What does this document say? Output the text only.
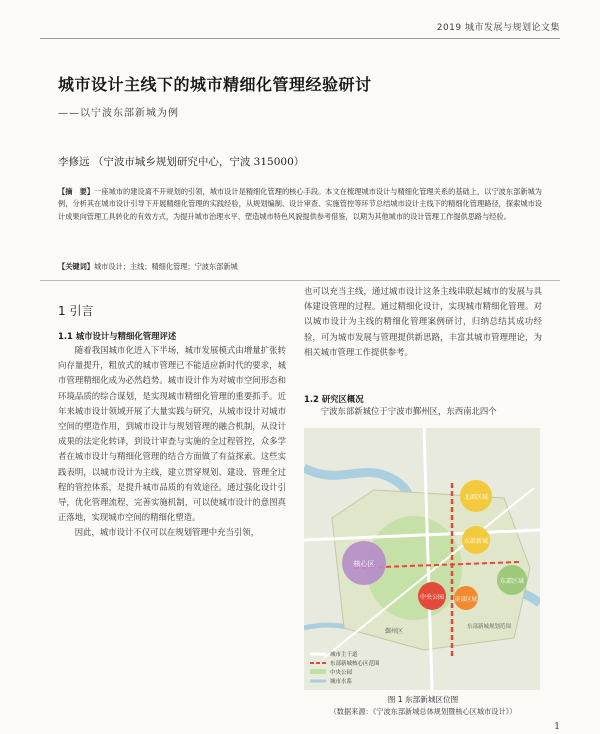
2019 城市发展与规划论文集
城市设计主线下的城市精细化管理经验研讨
——以宁波东部新城为例
李修远 （宁波市城乡规划研究中心，宁波 315000）
【摘　要】一座城市的建设离不开规划的引领，城市设计是精细化管理的核心手段。本文在梳理城市设计与精细化管理关系的基础上，以宁波东部新城为例，分析其在城市设计引导下开展精细化管理的实践经验，从规划编制、设计审查、实施管控等环节总结城市设计主线下的精细化管理路径，探索城市设计成果向管理工具转化的有效方式，为提升城市治理水平、塑造城市特色风貌提供参考借鉴，以期为其他城市的设计管理工作提供思路与经验。
【关键词】城市设计；主线；精细化管理；宁波东部新城
1 引言
1.1 城市设计与精细化管理评述

随着我国城市化进入下半场，城市发展模式由增量扩张转向存量提升，粗放式的城市管理已不能适应新时代的要求，城市管理精细化成为必然趋势。城市设计作为对城市空间形态和环境品质的综合谋划，是实现城市精细化管理的重要抓手。近年来城市设计领域开展了大量实践与研究，从城市设计对城市空间的塑造作用，到城市设计与规划管理的融合机制，从设计成果的法定化转译，到设计审查与实施的全过程管控，众多学者在城市设计与精细化管理的结合方面做了有益探索。这些实践表明，以城市设计为主线，建立贯穿规划、建设、管理全过程的管控体系，是提升城市品质的有效途径。通过强化设计引导，优化管理流程，完善实施机制，可以使城市设计的意图真正落地，实现城市空间的精细化塑造。

因此，城市设计不仅可以在规划管理中充当引领，

也可以充当主线，通过城市设计这条主线串联起城市的发展与具体建设管理的过程。通过精细化设计，实现城市精细化管理。对以城市设计为主线的精细化管理案例研讨，归纳总结其成功经验，可为城市发展与管理提供新思路，丰富其城市管理理论，为相关城市管理工作提供参考。
1.2 研究区概况
宁波东部新城位于宁波市鄞州区，东西南北四个
核心区
北部区域
东部新城
东部区域
中央公园 南部区域
鄞州区
东部新城规划范围
城市主干道
东部新城核心区范围
中央公园
城市水系
图 1 东部新城区位图
（数据来源：《宁波东部新城总体规划暨核心区城市设计》）
1
